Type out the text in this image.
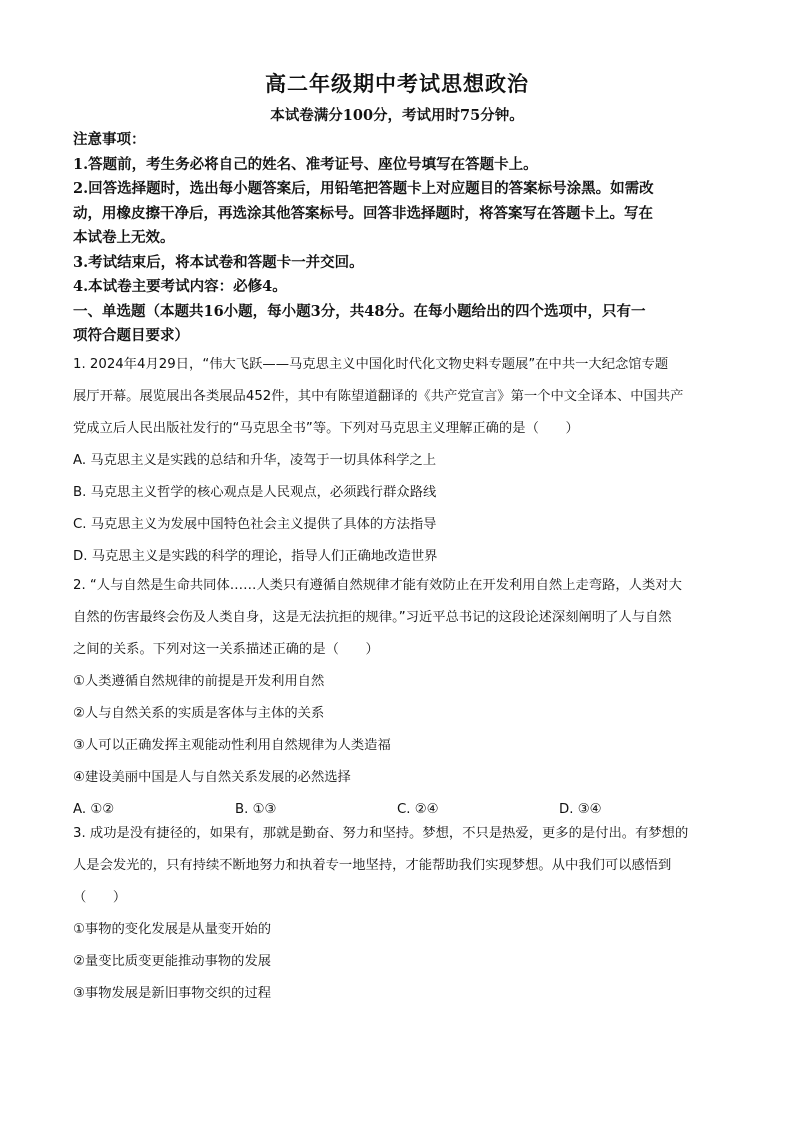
高二年级期中考试思想政治
本试卷满分100分，考试用时75分钟。

注意事项：

1.答题前，考生务必将自己的姓名、准考证号、座位号填写在答题卡上。

2.回答选择题时，选出每小题答案后，用铅笔把答题卡上对应题目的答案标号涂黑。如需改

动，用橡皮擦干净后，再选涂其他答案标号。回答非选择题时，将答案写在答题卡上。写在

本试卷上无效。

3.考试结束后，将本试卷和答题卡一并交回。

4.本试卷主要考试内容：必修4。

一、单选题（本题共16小题，每小题3分，共48分。在每小题给出的四个选项中，只有一

项符合题目要求）

1. 2024年4月29日，“伟大飞跃——马克思主义中国化时代化文物史料专题展”在中共一大纪念馆专题

展厅开幕。展览展出各类展品452件，其中有陈望道翻译的《共产党宣言》第一个中文全译本、中国共产

党成立后人民出版社发行的“马克思全书”等。下列对马克思主义理解正确的是（　　）

A. 马克思主义是实践的总结和升华，凌驾于一切具体科学之上

B. 马克思主义哲学的核心观点是人民观点，必须践行群众路线

C. 马克思主义为发展中国特色社会主义提供了具体的方法指导

D. 马克思主义是实践的科学的理论，指导人们正确地改造世界

2. “人与自然是生命共同体……人类只有遵循自然规律才能有效防止在开发利用自然上走弯路，人类对大

自然的伤害最终会伤及人类自身，这是无法抗拒的规律。”习近平总书记的这段论述深刻阐明了人与自然

之间的关系。下列对这一关系描述正确的是（　　）

①人类遵循自然规律的前提是开发利用自然

②人与自然关系的实质是客体与主体的关系

③人可以正确发挥主观能动性利用自然规律为人类造福

④建设美丽中国是人与自然关系发展的必然选择

A. ①②	B. ①③	C. ②④	D. ③④

3. 成功是没有捷径的，如果有，那就是勤奋、努力和坚持。梦想，不只是热爱，更多的是付出。有梦想的

人是会发光的，只有持续不断地努力和执着专一地坚持，才能帮助我们实现梦想。从中我们可以感悟到

（　　）

①事物的变化发展是从量变开始的

②量变比质变更能推动事物的发展

③事物发展是新旧事物交织的过程
